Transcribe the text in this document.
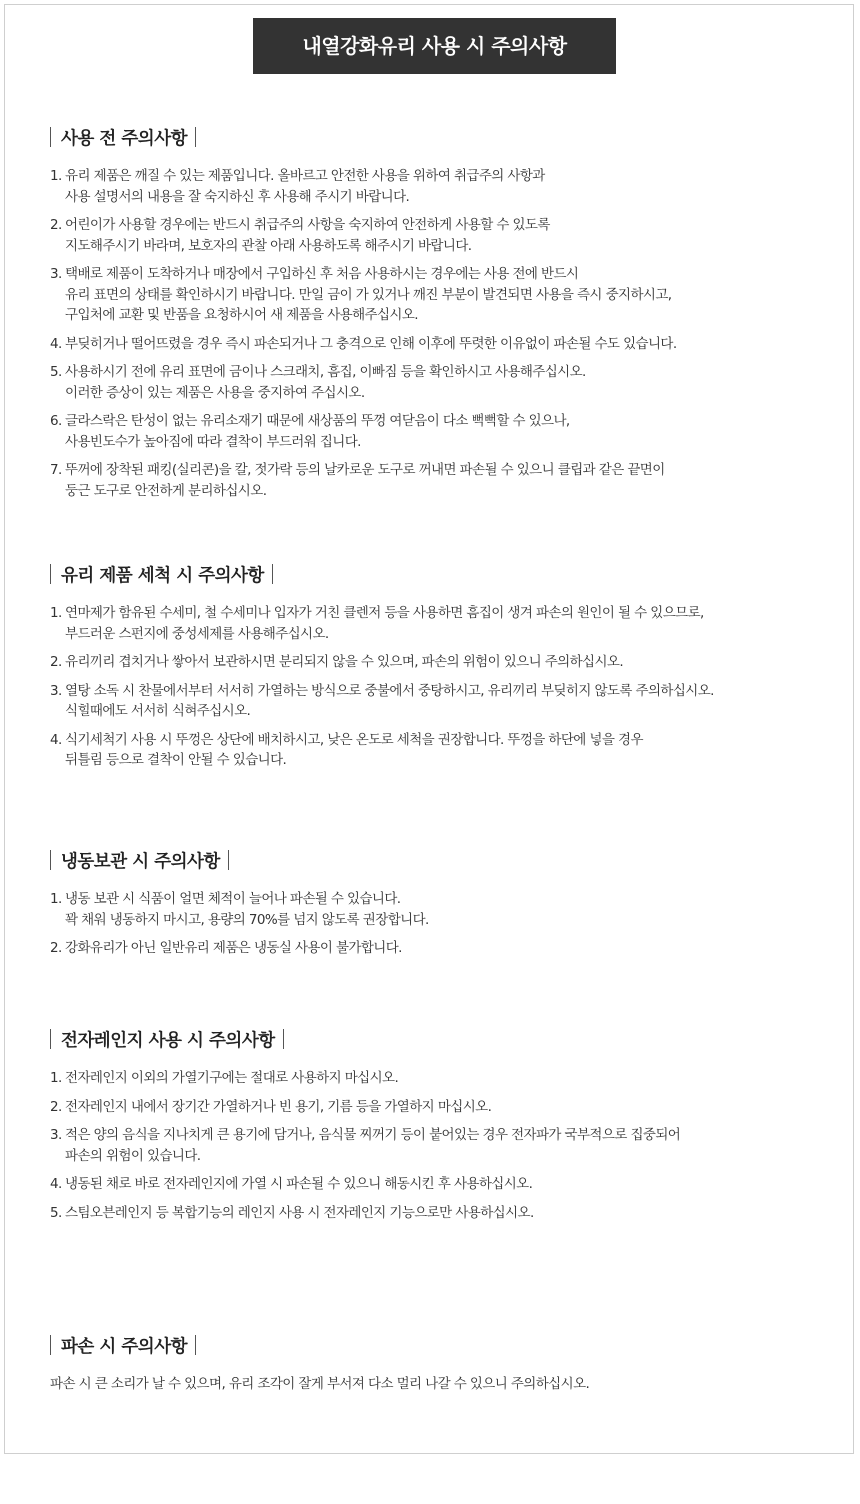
내열강화유리 사용 시 주의사항
사용 전 주의사항
1. 유리 제품은 깨질 수 있는 제품입니다. 올바르고 안전한 사용을 위하여 취급주의 사항과
사용 설명서의 내용을 잘 숙지하신 후 사용해 주시기 바랍니다.
2. 어린이가 사용할 경우에는 반드시 취급주의 사항을 숙지하여 안전하게 사용할 수 있도록
지도해주시기 바라며, 보호자의 관찰 아래 사용하도록 해주시기 바랍니다.
3. 택배로 제품이 도착하거나 매장에서 구입하신 후 처음 사용하시는 경우에는 사용 전에 반드시
유리 표면의 상태를 확인하시기 바랍니다. 만일 금이 가 있거나 깨진 부분이 발견되면 사용을 즉시 중지하시고,
구입처에 교환 및 반품을 요청하시어 새 제품을 사용해주십시오.
4. 부딪히거나 떨어뜨렸을 경우 즉시 파손되거나 그 충격으로 인해 이후에 뚜렷한 이유없이 파손될 수도 있습니다.
5. 사용하시기 전에 유리 표면에 금이나 스크래치, 흠집, 이빠짐 등을 확인하시고 사용해주십시오.
이러한 증상이 있는 제품은 사용을 중지하여 주십시오.
6. 글라스락은 탄성이 없는 유리소재기 때문에 새상품의 뚜껑 여닫음이 다소 뻑뻑할 수 있으나,
사용빈도수가 높아짐에 따라 결착이 부드러워 집니다.
7. 뚜꺼에 장착된 패킹(실리콘)을 칼, 젓가락 등의 날카로운 도구로 꺼내면 파손될 수 있으니 클립과 같은 끝면이
둥근 도구로 안전하게 분리하십시오.
유리 제품 세척 시 주의사항
1. 연마제가 함유된 수세미, 철 수세미나 입자가 거친 클렌저 등을 사용하면 흠집이 생겨 파손의 원인이 될 수 있으므로,
부드러운 스펀지에 중성세제를 사용해주십시오.
2. 유리끼리 겹치거나 쌓아서 보관하시면 분리되지 않을 수 있으며, 파손의 위험이 있으니 주의하십시오.
3. 열탕 소독 시 찬물에서부터 서서히 가열하는 방식으로 중불에서 중탕하시고, 유리끼리 부딪히지 않도록 주의하십시오.
식힐때에도 서서히 식혀주십시오.
4. 식기세척기 사용 시 뚜껑은 상단에 배치하시고, 낮은 온도로 세척을 권장합니다. 뚜껑을 하단에 넣을 경우
뒤틀림 등으로 결착이 안될 수 있습니다.
냉동보관 시 주의사항
1. 냉동 보관 시 식품이 얼면 체적이 늘어나 파손될 수 있습니다.
꽉 채워 냉동하지 마시고, 용량의 70%를 넘지 않도록 권장합니다.
2. 강화유리가 아닌 일반유리 제품은 냉동실 사용이 불가합니다.
전자레인지 사용 시 주의사항
1. 전자레인지 이외의 가열기구에는 절대로 사용하지 마십시오.
2. 전자레인지 내에서 장기간 가열하거나 빈 용기, 기름 등을 가열하지 마십시오.
3. 적은 양의 음식을 지나치게 큰 용기에 담거나, 음식물 찌꺼기 등이 붙어있는 경우 전자파가 국부적으로 집중되어
파손의 위험이 있습니다.
4. 냉동된 채로 바로 전자레인지에 가열 시 파손될 수 있으니 해동시킨 후 사용하십시오.
5. 스팀오븐레인지 등 복합기능의 레인지 사용 시 전자레인지 기능으로만 사용하십시오.
파손 시 주의사항
파손 시 큰 소리가 날 수 있으며, 유리 조각이 잘게 부서져 다소 멀리 나갈 수 있으니 주의하십시오.
